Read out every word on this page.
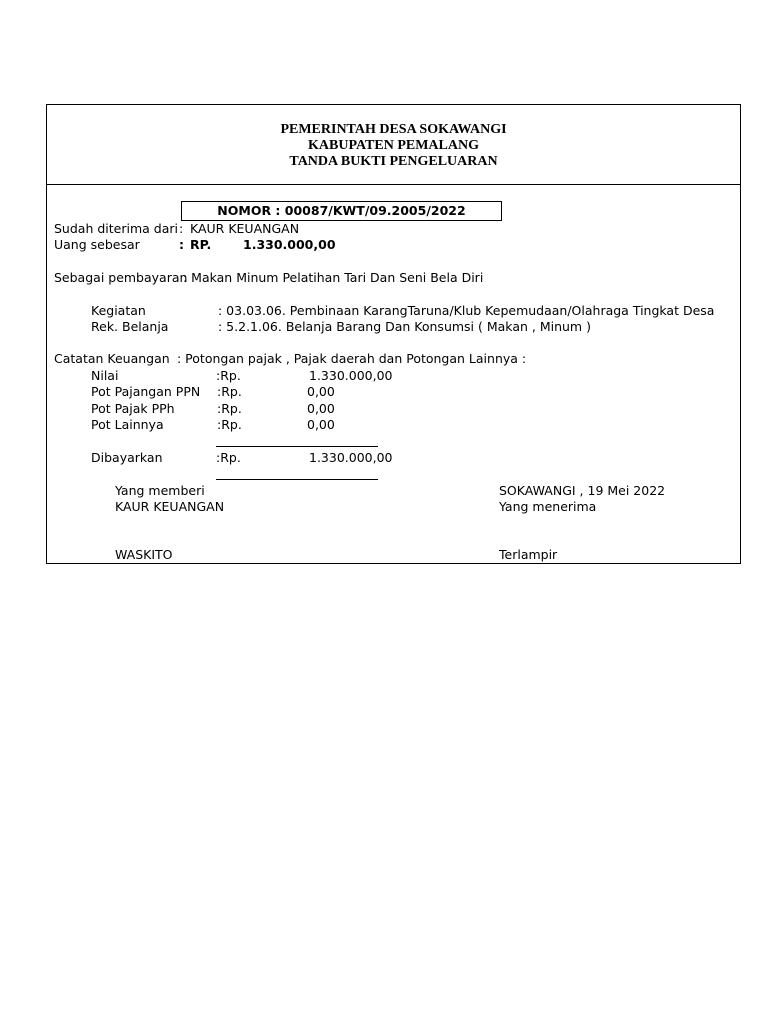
PEMERINTAH DESA SOKAWANGI
KABUPATEN PEMALANG
TANDA BUKTI PENGELUARAN
NOMOR : 00087/KWT/09.2005/2022
Sudah diterima dari : KAUR KEUANGAN
Uang sebesar	: RP.	1.330.000,00
Sebagai pembayaran
: Makan Minum Pelatihan Tari Dan Seni Bela Diri
Kegiatan	: 03.03.06. Pembinaan KarangTaruna/Klub Kepemudaan/Olahraga Tingkat Desa
Rek. Belanja	: 5.2.1.06. Belanja Barang Dan Konsumsi ( Makan , Minum )
Catatan Keuangan : Potongan pajak , Pajak daerah dan Potongan Lainnya :
Nilai	:Rp.	1.330.000,00
Pot Pajangan PPN :Rp.	0,00
Pot Pajak PPh	:Rp.	0,00
Pot Lainnya	:Rp.	0,00
Dibayarkan	:Rp.	1.330.000,00
Yang memberi
KAUR KEUANGAN
WASKITO
SOKAWANGI , 19 Mei 2022
Yang menerima
Terlampir
